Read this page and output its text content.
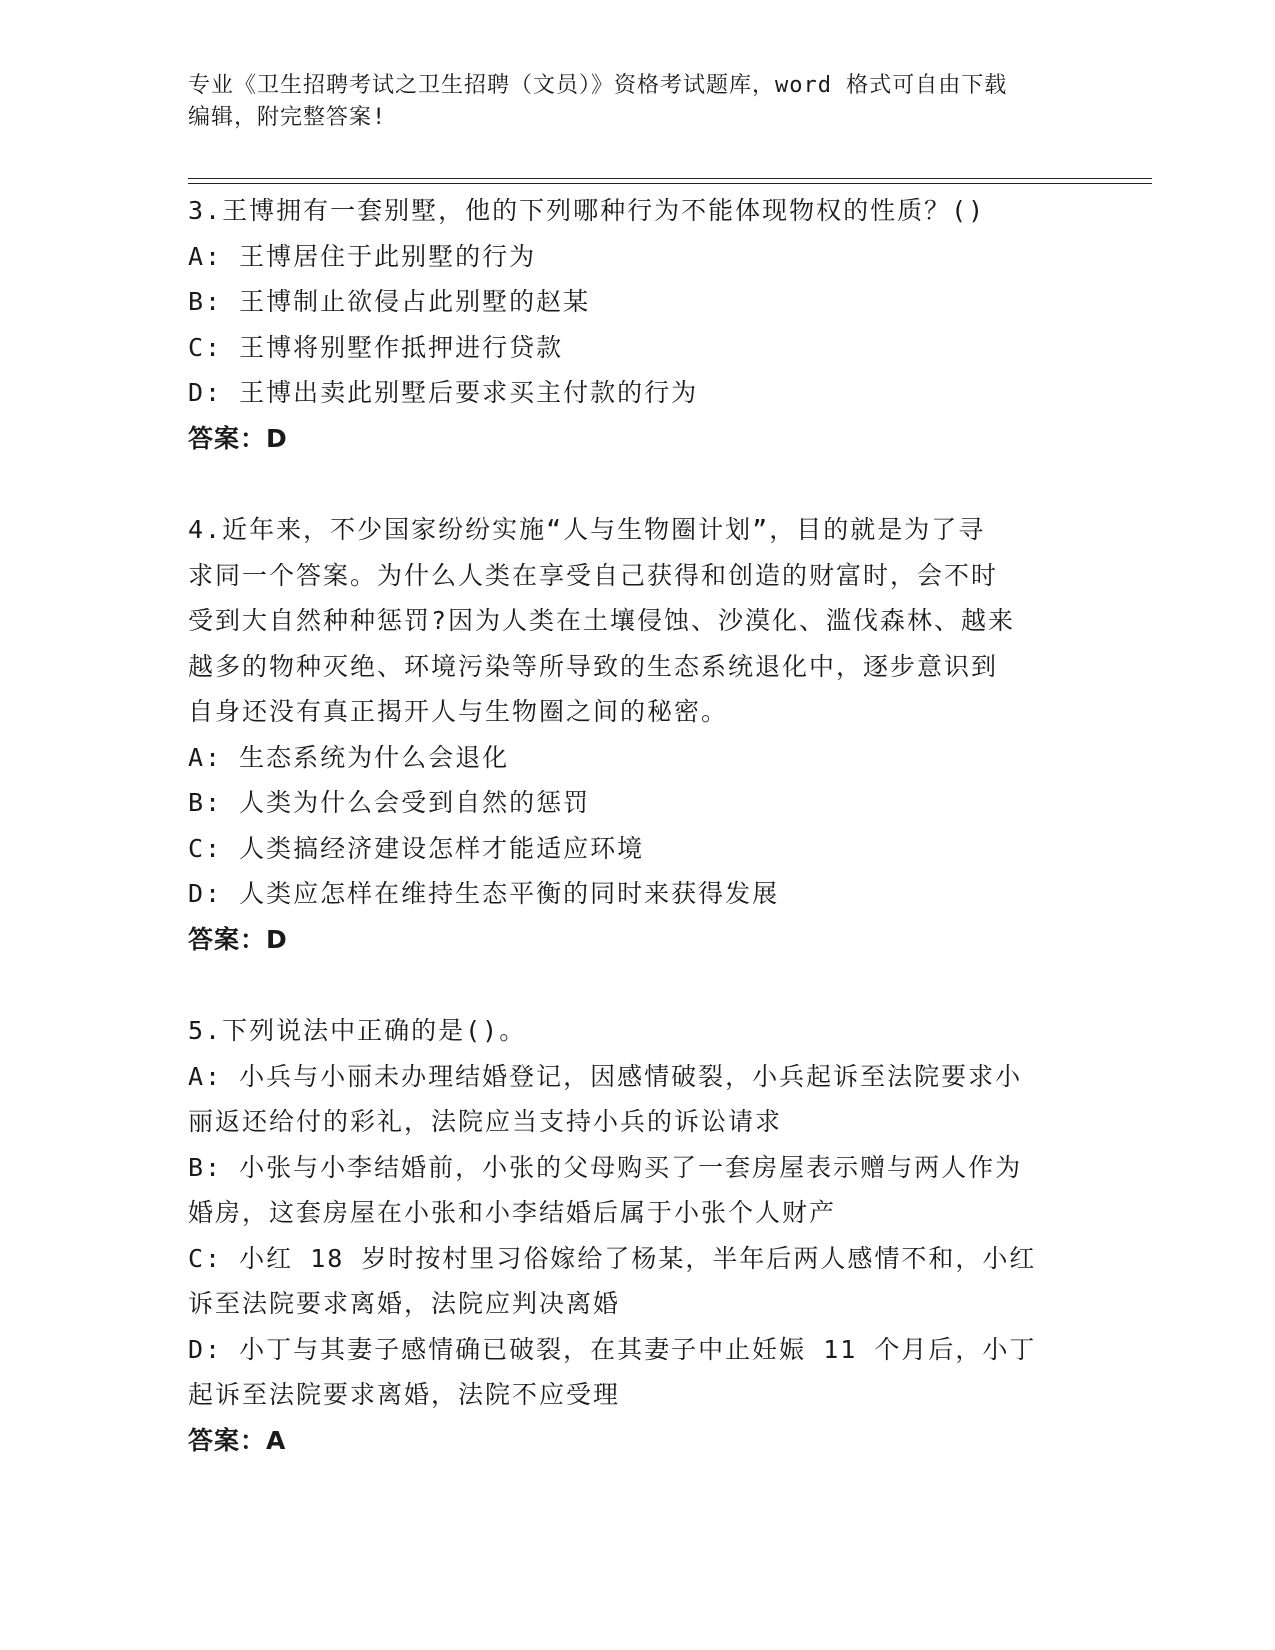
专业《卫生招聘考试之卫生招聘（文员）》资格考试题库，word 格式可自由下载
编辑，附完整答案!
3.王博拥有一套别墅，他的下列哪种行为不能体现物权的性质？()
A: 王博居住于此别墅的行为
B: 王博制止欲侵占此别墅的赵某
C: 王博将别墅作抵押进行贷款
D: 王博出卖此别墅后要求买主付款的行为
答案：D
4.近年来，不少国家纷纷实施“人与生物圈计划”，目的就是为了寻
求同一个答案。为什么人类在享受自己获得和创造的财富时，会不时
受到大自然种种惩罚?因为人类在土壤侵蚀、沙漠化、滥伐森林、越来
越多的物种灭绝、环境污染等所导致的生态系统退化中，逐步意识到
自身还没有真正揭开人与生物圈之间的秘密。
A: 生态系统为什么会退化
B: 人类为什么会受到自然的惩罚
C: 人类搞经济建设怎样才能适应环境
D: 人类应怎样在维持生态平衡的同时来获得发展
答案：D
5.下列说法中正确的是()。
A: 小兵与小丽未办理结婚登记，因感情破裂，小兵起诉至法院要求小
丽返还给付的彩礼，法院应当支持小兵的诉讼请求
B: 小张与小李结婚前，小张的父母购买了一套房屋表示赠与两人作为
婚房，这套房屋在小张和小李结婚后属于小张个人财产
C: 小红 18 岁时按村里习俗嫁给了杨某，半年后两人感情不和，小红
诉至法院要求离婚，法院应判决离婚
D: 小丁与其妻子感情确已破裂，在其妻子中止妊娠 11 个月后，小丁
起诉至法院要求离婚，法院不应受理
答案：A
